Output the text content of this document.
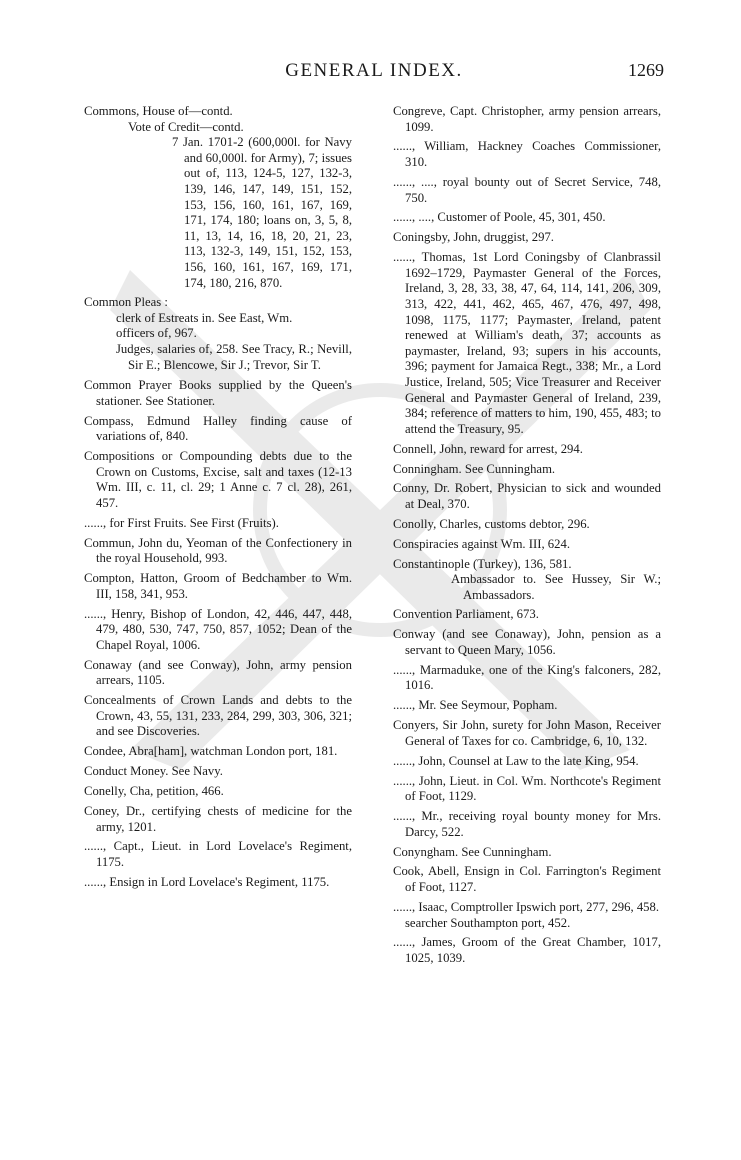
GENERAL INDEX.	1269
Commons, House of—contd.
Vote of Credit—contd.
7 Jan. 1701-2 (600,000l. for Navy and 60,000l. for Army), 7; issues out of, 113, 124-5, 127, 132-3, 139, 146, 147, 149, 151, 152, 153, 156, 160, 161, 167, 169, 171, 174, 180; loans on, 3, 5, 8, 11, 13, 14, 16, 18, 20, 21, 23, 113, 132-3, 149, 151, 152, 153, 156, 160, 161, 167, 169, 171, 174, 180, 216, 870.
Common Pleas :
clerk of Estreats in. See East, Wm.
officers of, 967.
Judges, salaries of, 258. See Tracy, R.; Nevill, Sir E.; Blencowe, Sir J.; Trevor, Sir T.
Common Prayer Books supplied by the Queen's stationer. See Stationer.
Compass, Edmund Halley finding cause of variations of, 840.
Compositions or Compounding debts due to the Crown on Customs, Excise, salt and taxes (12-13 Wm. III, c. 11, cl. 29; 1 Anne c. 7 cl. 28), 261, 457.
......, for First Fruits. See First (Fruits).
Commun, John du, Yeoman of the Confectionery in the royal Household, 993.
Compton, Hatton, Groom of Bedchamber to Wm. III, 158, 341, 953.
......, Henry, Bishop of London, 42, 446, 447, 448, 479, 480, 530, 747, 750, 857, 1052; Dean of the Chapel Royal, 1006.
Conaway (and see Conway), John, army pension arrears, 1105.
Concealments of Crown Lands and debts to the Crown, 43, 55, 131, 233, 284, 299, 303, 306, 321; and see Discoveries.
Condee, Abra[ham], watchman London port, 181.
Conduct Money. See Navy.
Conelly, Cha, petition, 466.
Coney, Dr., certifying chests of medicine for the army, 1201.
......, Capt., Lieut. in Lord Lovelace's Regiment, 1175.
......, Ensign in Lord Lovelace's Regiment, 1175.
Congreve, Capt. Christopher, army pension arrears, 1099.
......, William, Hackney Coaches Commissioner, 310.
......, ...., royal bounty out of Secret Service, 748, 750.
......, ...., Customer of Poole, 45, 301, 450.
Coningsby, John, druggist, 297.
......, Thomas, 1st Lord Coningsby of Clanbrassil 1692–1729, Paymaster General of the Forces, Ireland, 3, 28, 33, 38, 47, 64, 114, 141, 206, 309, 313, 422, 441, 462, 465, 467, 476, 497, 498, 1098, 1175, 1177; Paymaster, Ireland, patent renewed at William's death, 37; accounts as paymaster, Ireland, 93; supers in his accounts, 396; payment for Jamaica Regt., 338; Mr., a Lord Justice, Ireland, 505; Vice Treasurer and Receiver General and Paymaster General of Ireland, 239, 384; reference of matters to him, 190, 455, 483; to attend the Treasury, 95.
Connell, John, reward for arrest, 294.
Conningham. See Cunningham.
Conny, Dr. Robert, Physician to sick and wounded at Deal, 370.
Conolly, Charles, customs debtor, 296.
Conspiracies against Wm. III, 624.
Constantinople (Turkey), 136, 581.
Ambassador to. See Hussey, Sir W.; Ambassadors.
Convention Parliament, 673.
Conway (and see Conaway), John, pension as a servant to Queen Mary, 1056.
......, Marmaduke, one of the King's falconers, 282, 1016.
......, Mr. See Seymour, Popham.
Conyers, Sir John, surety for John Mason, Receiver General of Taxes for co. Cambridge, 6, 10, 132.
......, John, Counsel at Law to the late King, 954.
......, John, Lieut. in Col. Wm. Northcote's Regiment of Foot, 1129.
......, Mr., receiving royal bounty money for Mrs. Darcy, 522.
Conyngham. See Cunningham.
Cook, Abell, Ensign in Col. Farrington's Regiment of Foot, 1127.
......, Isaac, Comptroller Ipswich port, 277, 296, 458.
searcher Southampton port, 452.
......, James, Groom of the Great Chamber, 1017, 1025, 1039.
